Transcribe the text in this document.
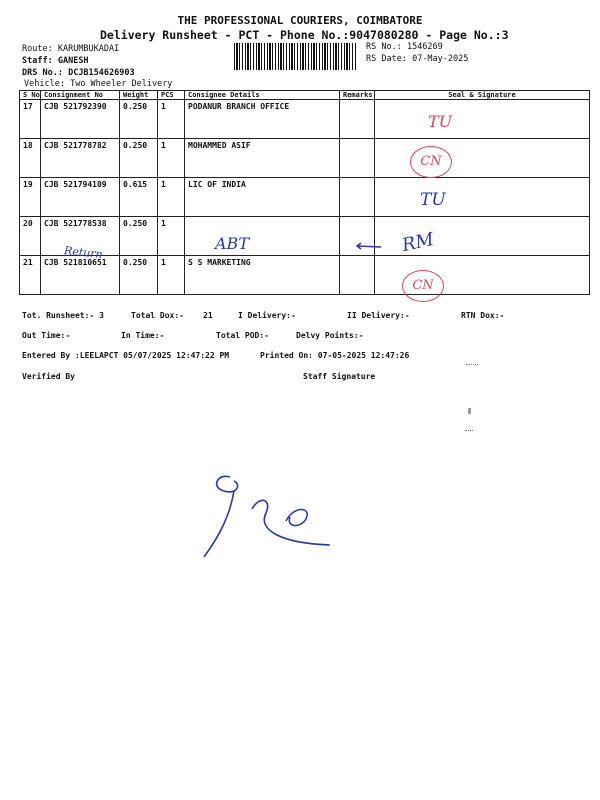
THE PROFESSIONAL COURIERS, COIMBATORE
Delivery Runsheet - PCT - Phone No.:9047080280 - Page No.:3
Route: KARUMBUKADAI
Staff: GANESH
DRS No.: DCJB154626903
Vehicle: Two Wheeler Delivery
RS No.: 1546269
RS Date: 07-May-2025
S No	Consignment No	Weight	PCS	Consignee Details	Remarks	Seal & Signature
17	CJB 521792390	0.250	1	PODANUR BRANCH OFFICE		
18	CJB 521778782	0.250	1	MOHAMMED ASIF		
19	CJB 521794109	0.615	1	LIC OF INDIA		
20	CJB 521778538	0.250	1			
21	CJB 521810651	0.250	1	S S MARKETING		
TU
CN
TU
Return	ABT	RM
CN
Tot. Runsheet:- 3	Total Dox:- 21	I Delivery:-	II Delivery:-	RTN Dox:-
Out Time:-	In Time:-	Total POD:-	Delvy Points:-
Entered By :LEELAPCT 05/07/2025 12:47:22 PM	Printed On: 07-05-2025 12:47:26
Verified By	Staff Signature
